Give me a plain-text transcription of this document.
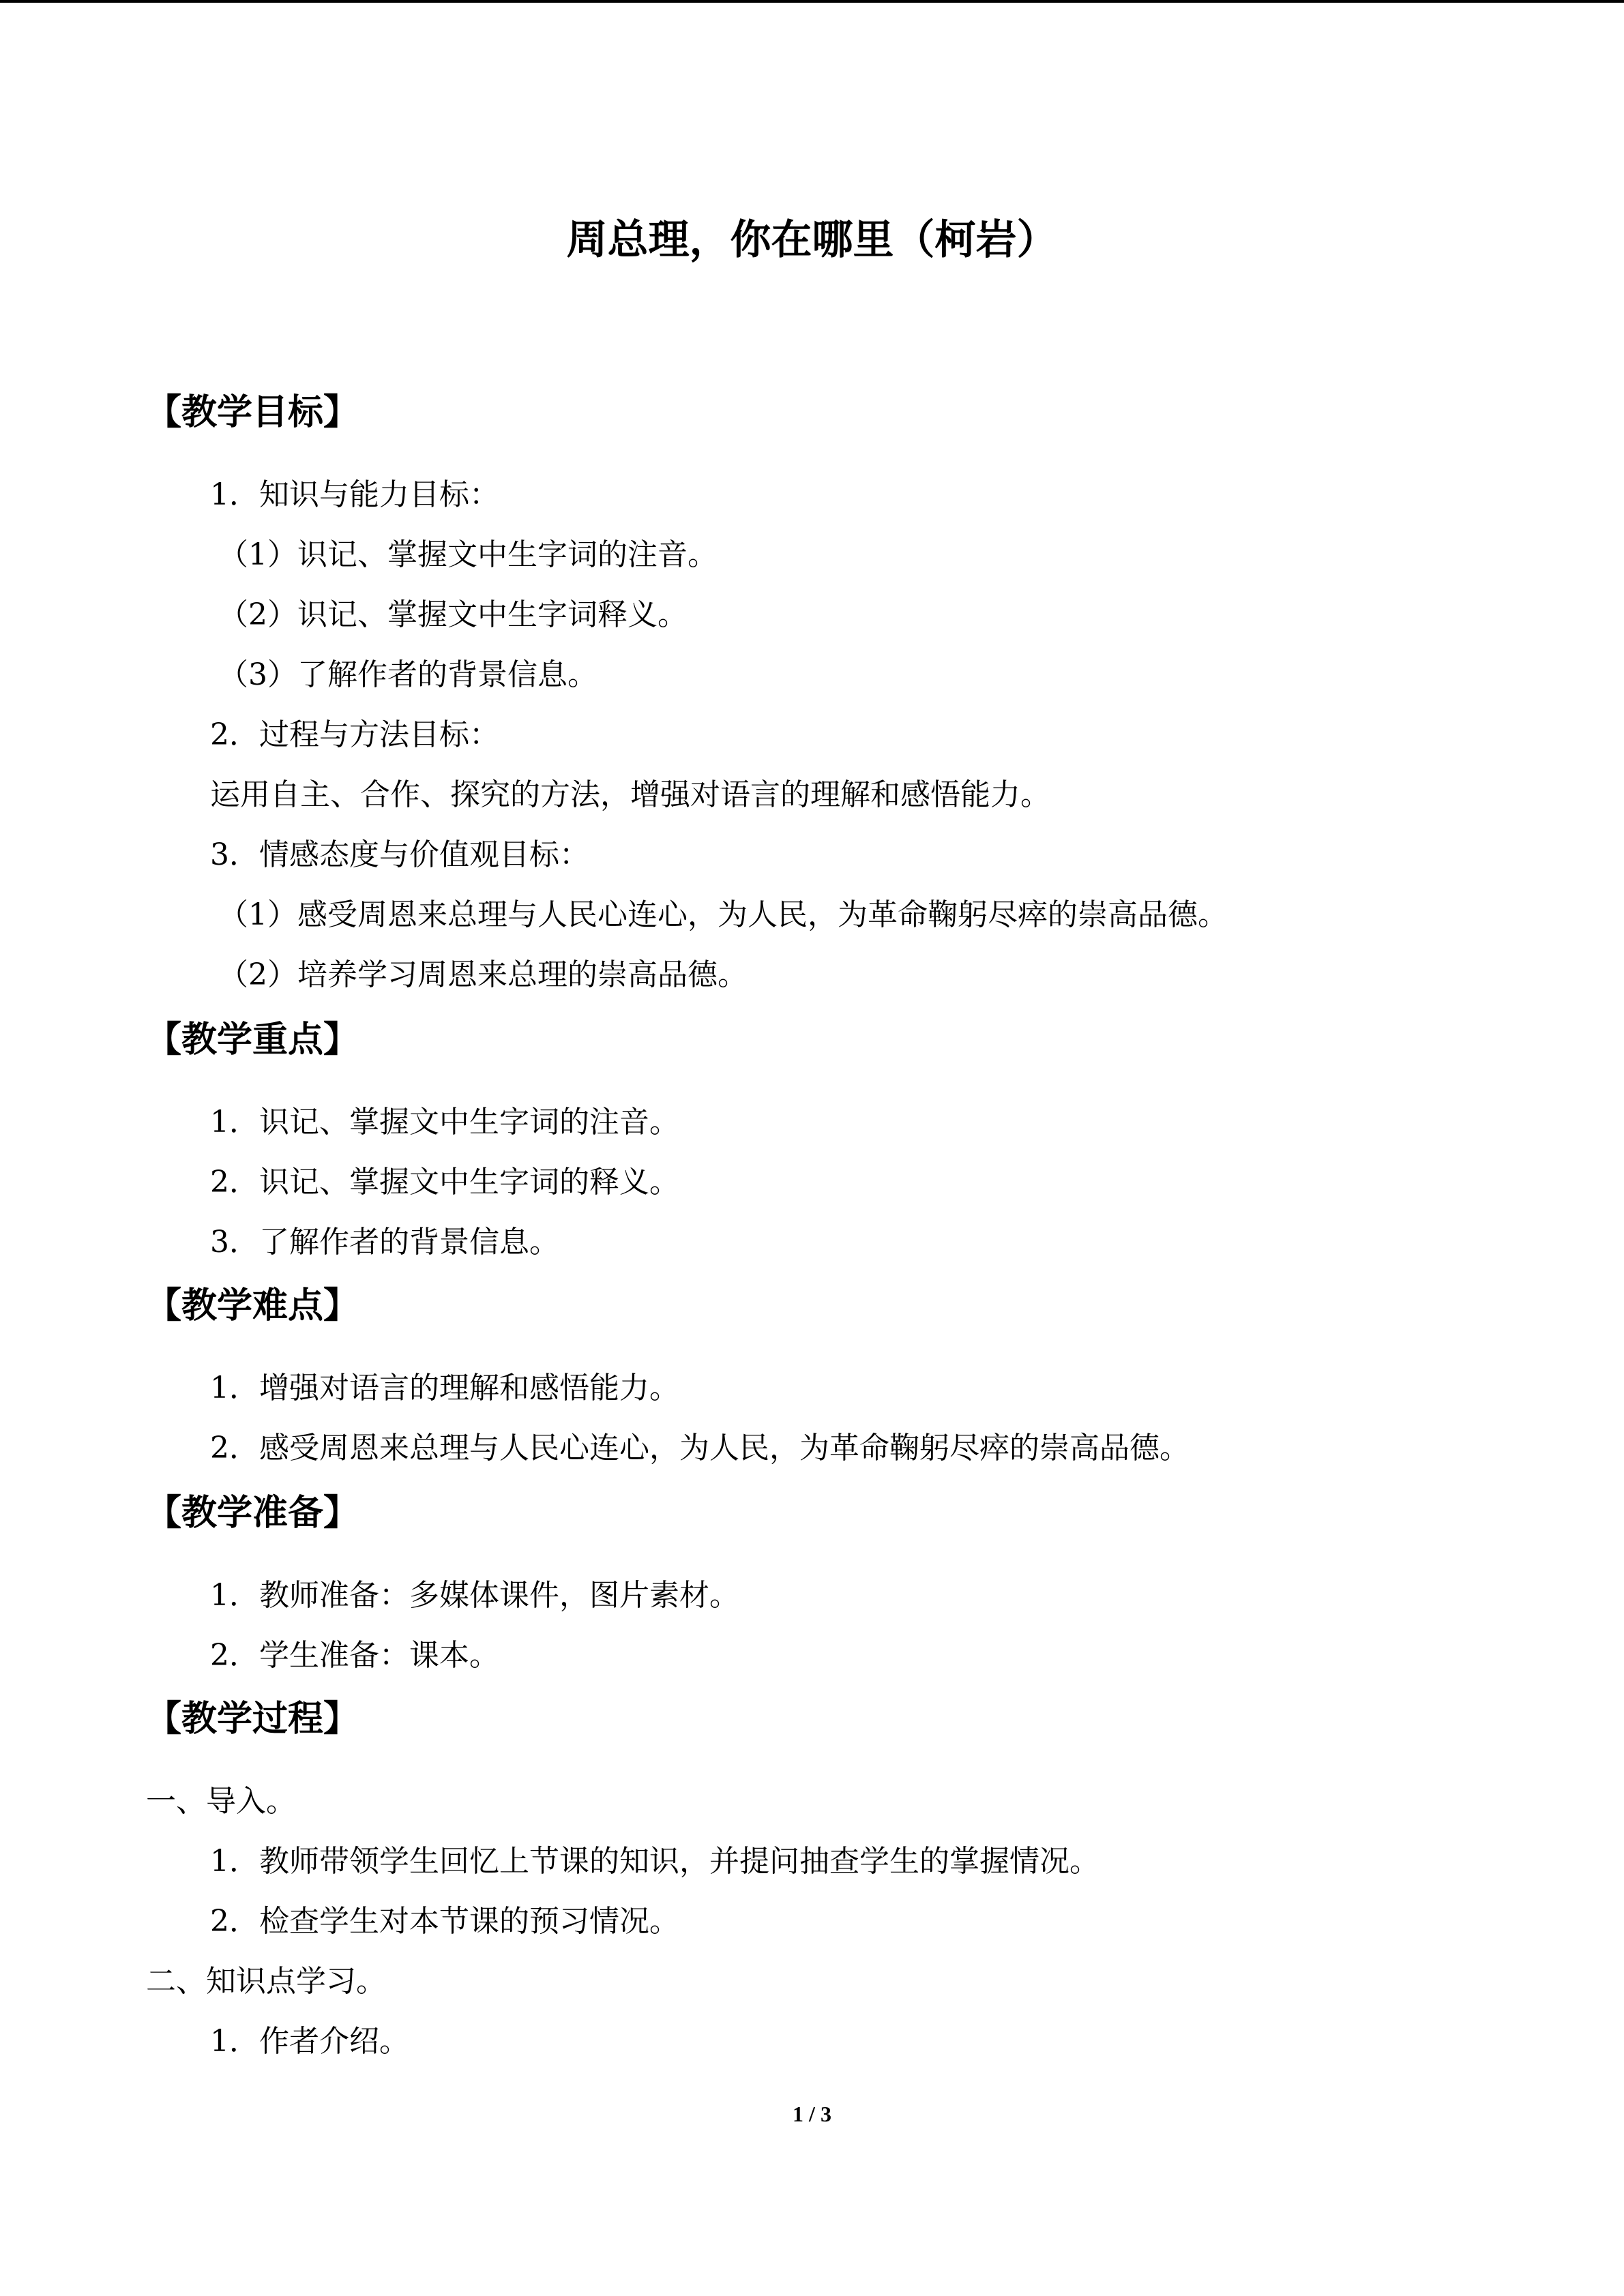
周总理，你在哪里（柯岩）
【教学目标】
1．知识与能力目标：
（1）识记、掌握文中生字词的注音。
（2）识记、掌握文中生字词释义。
（3）了解作者的背景信息。
2．过程与方法目标：
运用自主、合作、探究的方法，增强对语言的理解和感悟能力。
3．情感态度与价值观目标：
（1）感受周恩来总理与人民心连心，为人民，为革命鞠躬尽瘁的崇高品德。
（2）培养学习周恩来总理的崇高品德。
【教学重点】
1．识记、掌握文中生字词的注音。
2．识记、掌握文中生字词的释义。
3．了解作者的背景信息。
【教学难点】
1．增强对语言的理解和感悟能力。
2．感受周恩来总理与人民心连心，为人民，为革命鞠躬尽瘁的崇高品德。
【教学准备】
1．教师准备：多媒体课件，图片素材。
2．学生准备：课本。
【教学过程】
一、导入。
1．教师带领学生回忆上节课的知识，并提问抽查学生的掌握情况。
2．检查学生对本节课的预习情况。
二、知识点学习。
1．作者介绍。
1 / 3
